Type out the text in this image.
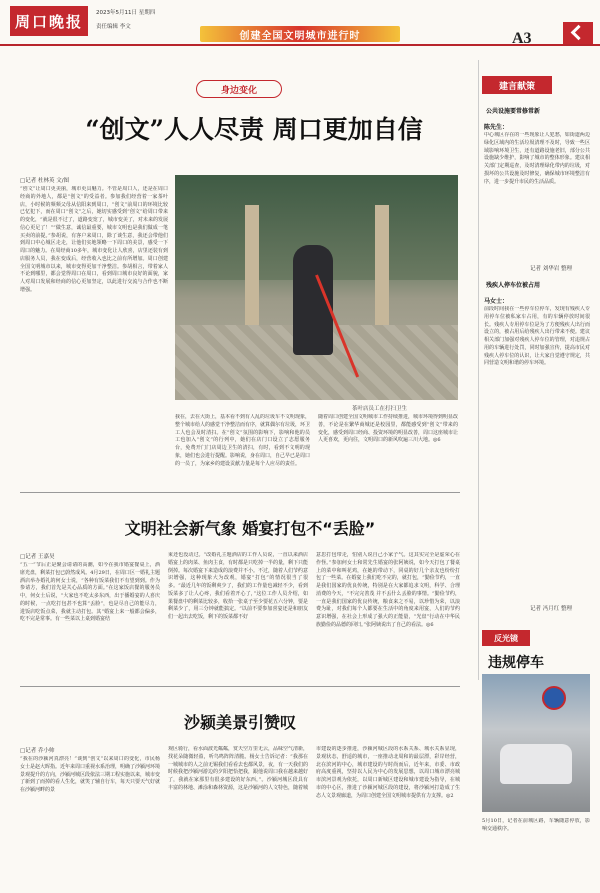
周口晚报	2023年5月11日 星期四
责任编辑 李文
创建全国文明城市进行时	A3
身边变化
“创文”人人尽责 周口更加自信
□记者 杜林英 文/图
“创文”让周口更美丽，城市更具魅力。不管是周口人，还是在周口经商的外地人，都是“创文”的受益者。参加我们经营着一家茶叶店，小时候的频频父母从信阳来到周口，“创文”前周口的环境比较已忆犯下，而在周口“创文”之后，她切实感受到“创文”给周口带来的变化，“就是很不过了，道路变宽了，城市变美了，对未来的发展信心更足了！”“做生意，诚信最重要，城市文明也是我们做成一笔买卖的前提。”参胡说，有客户来周口，除了谈生意，我还会带他们到周口中心城区走走，让他们实地领略一下周口的美景，感受一下周口的魅力。在周经商10多年，城市变化让人欣喜，店里还装有到店服务人员，我在变成后，经营收入也比之前有所增加。周口创建全国文明城市以来，城市变得更加干净整洁。参胡相言，带着家人不论到哪里，都会觉得周口在周口，看到周口城市良好的面貌，家人对周口发展和经商的信心更加坚定，以此进行交流与合作也不断增强。
茶叶店员工在打扫卫生
我在，去在大街上，基本看不到有人乱的垃圾车不文明现象，整个城市给人的感觉干净整洁而有序，就算偶尔有垃圾，环卫工人也会及时清扫。在“创文”氛围的影响下，影响和他的员工也加入“创文”的行列中，她们在店门口设立了志愿服务台，免费开门门店周边卫生的清扫，有时，看到不文明的现象，她们也会进行提醒。影响说，身在周口，自己早已是周口的一员了，为家乡的建设贡献力量是每个人应尽的责任。
随着周口创建全国文明城市工作持续推进，城市环境得到明显改善，不论是在繁华商城还是校园里，都能感受到“创文”带来的变化，感受到周口经商、投资环境的明显改善，周口这座城市让人更喜欢，更向往，文明周口的新风吹遍三川大地。◎6
文明社会新气象 婚宴打包不“丢脸”
□记者 王嘉昊
“五一”节后正是聚会请请的高潮，如今在我市婚宴餐桌上，酒席光盘，剩菜打包已蔚然成风。4月29日，在周口区一婚礼主题酒店举办婚礼的何女士说，“各种有饭菜我们不有望到到。作为参请方，我们首先是关心品质的方面。”在这家饭店餐的服务员中，何女士后说，“大家也不吃太多东西，出于播婚宴的人喜庆的时候，一点吃打包甚不也算“丢脸”，也是尽自己的能尽力，进饭店吃饭点菜，我就主动打包。其“婚宴上来一般都会偏多，吃不完是常事。有一些菜以上桌到婚宴结
束还也没动过。“改婚礼主题酒店的工作人员说，一直以来酒店婚宴上的肉菜、鱼肉主食，有时都是只吃掉一半的量，剩下只能倒掉。每次婚宴下来造成的浪费并不小。不过，随着人们节约意识增强，这种现象大为改观，婚宴“打包”的情况很当了很多。“最近几年的饭剩爽少了，我们的工作量也减轻不少，看到饭菜多了让人心疼，我们看着开心了，”这位工作人员介绍，如果餐盘中的剩菜比较多，收拾一张桌子至少要花五六分钟，要是剩菜少了，用三分钟就能搞定。“以前不要参加喜宴还是和朋友们一起出去吃饭，剩下的饭菜都不好
意思打包带走，怕别人说自己小家子气。这其实完全是虚荣心在作怪。”参加何女士和常先生婚宴的张阿姨说，如今天打包了餐桌上的菜中和叫花鸡，在她的带动下，同桌的好几个亲友也纷纷打包了一些菜。在婚宴上我们吃不完的，就打包，“勤俭节约，一直是我们国家的优良传统，特别是在大家都追求文明，科学、合理消费的今天，“不完完善茂 并不丢什么丢脸的事情。“勤俭节约，一直是我们国家的优良传统，粮食来之不易，以珍惜为荣，以浪费为耻，对我们每个人都要在生活中的角度来用宴，人们的节约意识增强，在社会上形成了强大的正能量，“光盘”行动在中华民族勤俭的品德的回归。”张阿姨说出了自己的看法。◎6
沙颍美景引赞叹
□记者 乔小帅
“我在的沙颍河真漂亮！”谈到“创文”以来周口的变化，市民杨女士是赵大晖指。近年来周口重视水系治理，明确了沙颍河环境景观提升的方向，沙颍河城区段依法三期工程实施以来，城市变了新到了而掉的看人生化，就笑了辅自行车，每天只要天气好就在沙颍河畔的景
观区骑行，看水面波光粼粼，赏天空万里无云，品味空气清新，找花朵随微轻盈，听鸟鸣阵阵清脆。杨女士告诉记者：“我那在一城城市的人之前无锡我们看看去也都风景，夜，有一天我们的时候我把沙颍河游边的夕阳把恰把我，跟他说周口我在越来越好了，我就在家那里有很多建设的好东西，”。沙颍河城区段具有丰富的林地、滩涂和森林资源，这是沙颍河的人文特色，随着城
市建设的逐步推进，沙颍河城区段的水系关系、城水关系显现，景观状态，舒适的城市，一座推动北周和的最层漂，彩岸经营，北在滨河的中心，城市建设的与时尚而后，近年来，市委、市政府高度重视，坚持以人民为中心的发展思想，以周口城市漂亮城市滨河景观为依托，以周口新城区建设和城市建设为指导，在城市的中心区，推进了沙颍河城区段的建设，将沙颍河打造成了生态人文景观廊道，为周口创建全国文明城市提供有力支撑。◎2
建言献策
公共设施要常修常新
陈先生：
中心城区存在的一些现象让人犯愁，如街道两边绿化区域内的生活垃圾清理不及时，导致一些区域影响环境卫生，还有道路设施老旧，部分公共设施缺少维护，影响了城市的整体形象。建议相关部门定期巡查，及时清理绿化带内的垃圾，对损坏的公共设施及时修复，确保城市环境整洁有序，进一步提升市民的生活品质。
记者 刘华岩 整理
残疾人停车位被占用
马女士：
前段时间我在一些停车位停车，发现有残疾人专用停车位被私家车占用，有的车辆停放时间很长。残疾人专用停车位是为了方便残疾人出行而设立的，被占用后给残疾人出行带来不便。建议相关部门加强对残疾人停车位的管理，对违规占用的车辆进行处罚，同时加强宣传，提高市民对残疾人停车位的认识，让大家自觉遵守规定，共同营造文明和谐的停车环境。
记者 冯月红 整理
反光镜
违规停车
5月10日，记者在前城区路，车辆随意停放，影响交通秩序。
